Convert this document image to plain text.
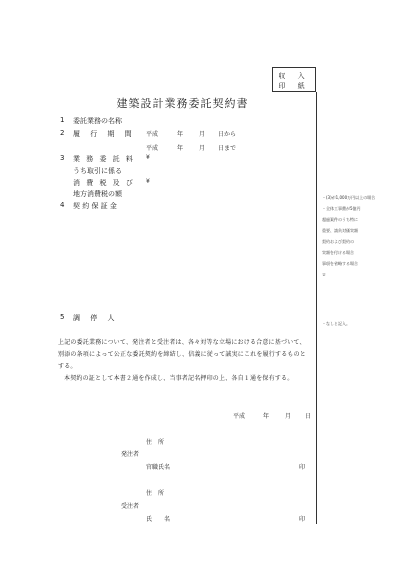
収 入
印 紙
建築設計業務委託契約書
1 委託業務の名称
2 履 行 期 間 平成	年	月 日から
平成	年	月 日まで
3 業 務 委 託 料 ¥
うち取引に係る
消 費 税 及 び ¥
地方消費税の額
4 契 約 保 証 金
5 調 停 人

上記の委託業務について、発注者と受注者は、各々対等な立場における合意に基づいて、別添の条項によって公正な委託契約を締結し、信義に従って誠実にこれを履行するものとする。

本契約の証として本書２通を作成し、当事者記名押印の上、各自１通を保有する。

平成	年	月 日
住　所
発注者
官職氏名	印
住　所
受注者
氏　　名	印
・(3)が1,000万円以上の場合
・全体工事費が5億円
超過案件のうち特に
重要、請負対価実額
契約および契約の
実額を付ける場合
事項を省略する場合
ロ
・なしと記入。
